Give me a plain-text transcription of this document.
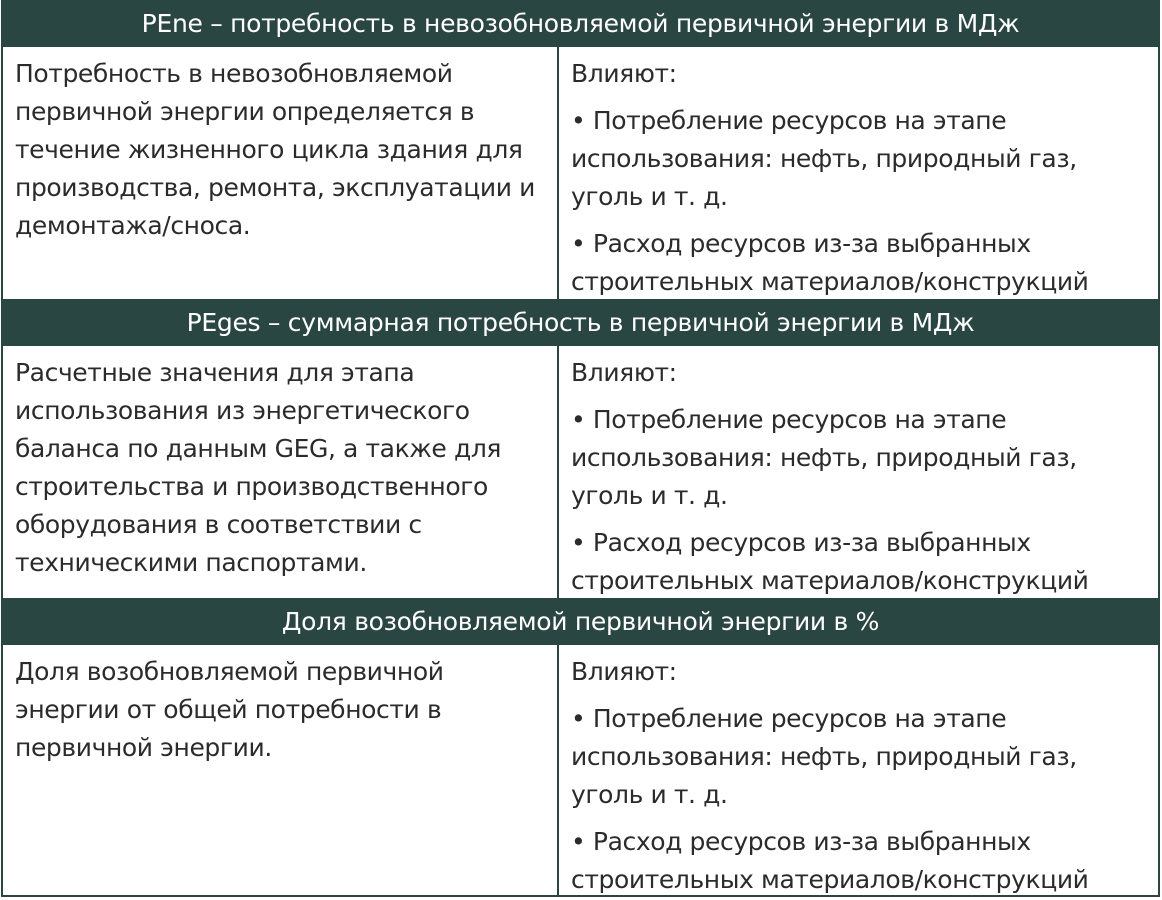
PEne – потребность в невозобновляемой первичной энергии в МДж
Потребность в невозобновляемой
первичной энергии определяется в
течение жизненного цикла здания для
производства, ремонта, эксплуатации и
демонтажа/сноса.
Влияют:
• Потребление ресурсов на этапе
использования: нефть, природный газ,
уголь и т. д.
• Расход ресурсов из-за выбранных
строительных материалов/конструкций
PEges – суммарная потребность в первичной энергии в МДж
Расчетные значения для этапа
использования из энергетического
баланса по данным GEG, а также для
строительства и производственного
оборудования в соответствии с
техническими паспортами.
Влияют:
• Потребление ресурсов на этапе
использования: нефть, природный газ,
уголь и т. д.
• Расход ресурсов из-за выбранных
строительных материалов/конструкций
Доля возобновляемой первичной энергии в %
Доля возобновляемой первичной
энергии от общей потребности в
первичной энергии.
Влияют:
• Потребление ресурсов на этапе
использования: нефть, природный газ,
уголь и т. д.
• Расход ресурсов из-за выбранных
строительных материалов/конструкций
